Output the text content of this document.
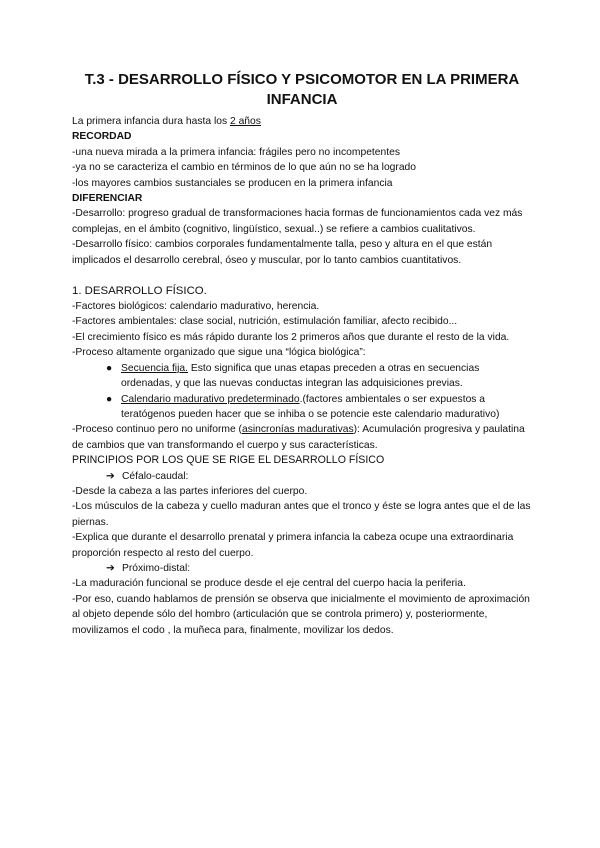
T.3 - DESARROLLO FÍSICO Y PSICOMOTOR EN LA PRIMERA
INFANCIA

La primera infancia dura hasta los 2 años

RECORDAD

-una nueva mirada a la primera infancia: frágiles pero no incompetentes

-ya no se caracteriza el cambio en términos de lo que aún no se ha logrado

-los mayores cambios sustanciales se producen en la primera infancia

DIFERENCIAR

-Desarrollo: progreso gradual de transformaciones hacia formas de funcionamientos cada vez más complejas, en el ámbito (cognitivo, lingüístico, sexual..) se refiere a cambios cualitativos.

-Desarrollo físico: cambios corporales fundamentalmente talla, peso y altura en el que están implicados el desarrollo cerebral, óseo y muscular, por lo tanto cambios cuantitativos.

1. DESARROLLO FÍSICO.

-Factores biológicos: calendario madurativo, herencia.

-Factores ambientales: clase social, nutrición, estimulación familiar, afecto recibido...

-El crecimiento físico es más rápido durante los 2 primeros años que durante el resto de la vida.

-Proceso altamente organizado que sigue una “lógica biológica”:

● Secuencia fija. Esto significa que unas etapas preceden a otras en secuencias ordenadas, y que las nuevas conductas integran las adquisiciones previas.
● Calendario madurativo predeterminado.(factores ambientales o ser expuestos a teratógenos pueden hacer que se inhiba o se potencie este calendario madurativo)

-Proceso continuo pero no uniforme (asincronías madurativas): Acumulación progresiva y paulatina de cambios que van transformando el cuerpo y sus características.

PRINCIPIOS POR LOS QUE SE RIGE EL DESARROLLO FÍSICO

➔ Céfalo-caudal:

-Desde la cabeza a las partes inferiores del cuerpo.

-Los músculos de la cabeza y cuello maduran antes que el tronco y éste se logra antes que el de las piernas.

-Explica que durante el desarrollo prenatal y primera infancia la cabeza ocupe una extraordinaria proporción respecto al resto del cuerpo.

➔ Próximo-distal:

-La maduración funcional se produce desde el eje central del cuerpo hacia la periferia.

-Por eso, cuando hablamos de prensión se observa que inicialmente el movimiento de aproximación al objeto depende sólo del hombro (articulación que se controla primero) y, posteriormente, movilizamos el codo , la muñeca para, finalmente, movilizar los dedos.
